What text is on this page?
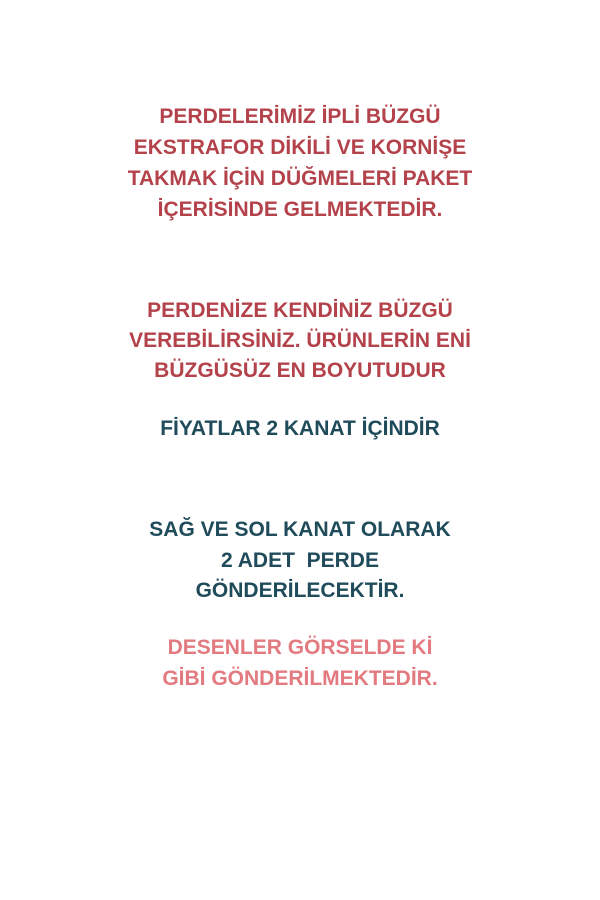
PERDELERİMİZ İPLİ BÜZGÜ
EKSTRAFOR DİKİLİ VE KORNİŞE
TAKMAK İÇİN DÜĞMELERİ PAKET
İÇERİSİNDE GELMEKTEDİR.
PERDENİZE KENDİNİZ BÜZGÜ
VEREBİLİRSİNİZ. ÜRÜNLERİN ENİ
BÜZGÜSÜZ EN BOYUTUDUR
FİYATLAR 2 KANAT İÇİNDİR
SAĞ VE SOL KANAT OLARAK
2 ADET  PERDE
GÖNDERİLECEKTİR.
DESENLER GÖRSELDE Kİ
GİBİ GÖNDERİLMEKTEDİR.
